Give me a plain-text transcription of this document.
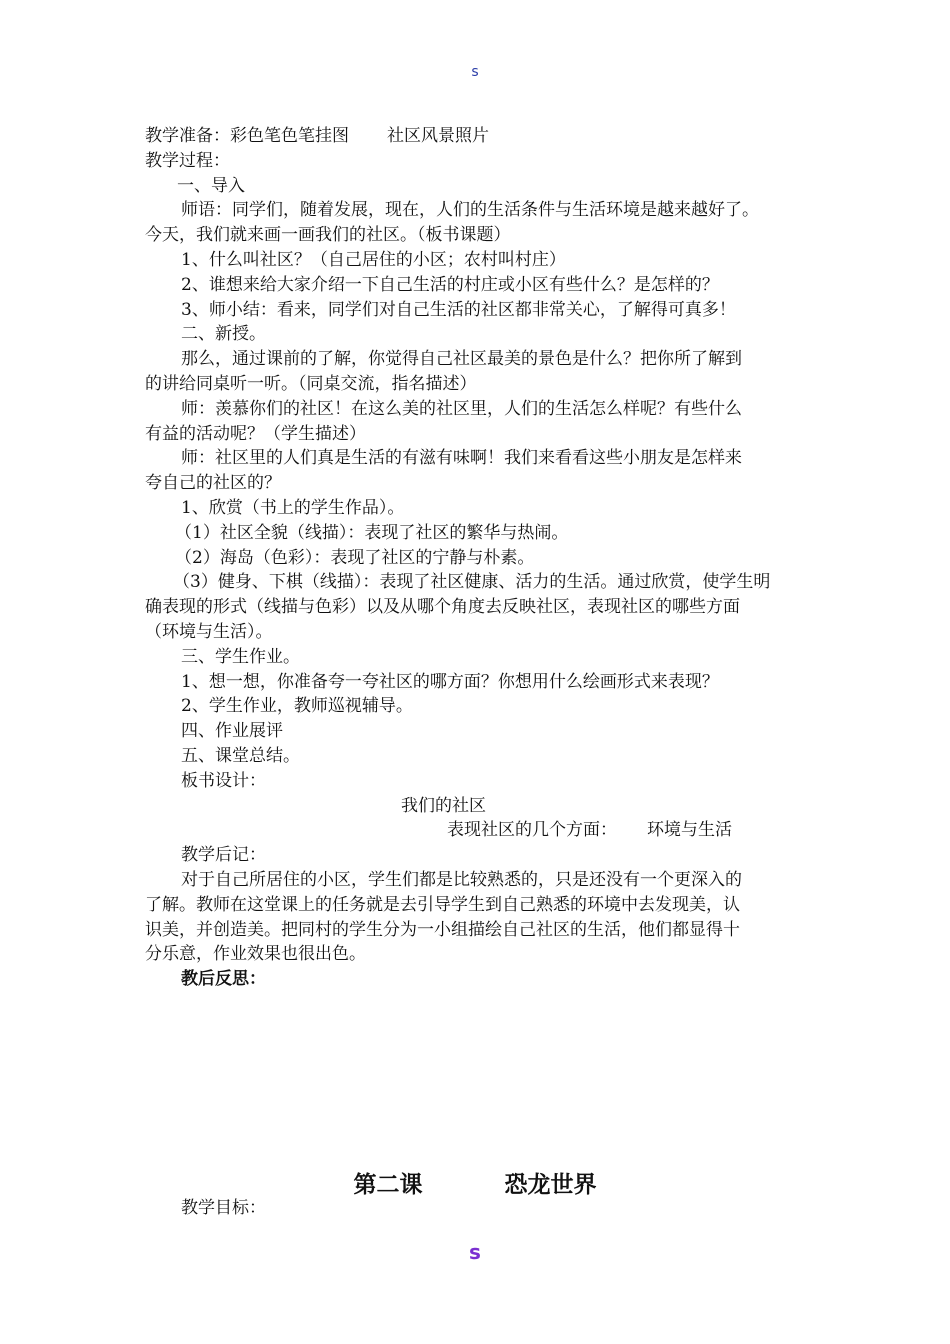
s

教学准备：彩色笔色笔挂图 社区风景照片

教学过程：

一、导入

师语：同学们，随着发展，现在，人们的生活条件与生活环境是越来越好了。

今天，我们就来画一画我们的社区。（板书课题）

1、什么叫社区？（自己居住的小区；农村叫村庄）

2、谁想来给大家介绍一下自己生活的村庄或小区有些什么？是怎样的？

3、师小结：看来，同学们对自己生活的社区都非常关心，了解得可真多！

二、新授。

那么，通过课前的了解，你觉得自己社区最美的景色是什么？把你所了解到

的讲给同桌听一听。（同桌交流，指名描述）

师：羡慕你们的社区！在这么美的社区里，人们的生活怎么样呢？有些什么

有益的活动呢？（学生描述）

师：社区里的人们真是生活的有滋有味啊！我们来看看这些小朋友是怎样来

夸自己的社区的？

1、欣赏（书上的学生作品）。

（1）社区全貌（线描）：表现了社区的繁华与热闹。

（2）海岛（色彩）：表现了社区的宁静与朴素。

（3）健身、下棋（线描）：表现了社区健康、活力的生活。通过欣赏，使学生明

确表现的形式（线描与色彩）以及从哪个角度去反映社区，表现社区的哪些方面

（环境与生活）。

三、学生作业。

1、想一想，你准备夸一夸社区的哪方面？你想用什么绘画形式来表现？

2、学生作业，教师巡视辅导。

四、作业展评

五、课堂总结。

板书设计：

我们的社区

表现社区的几个方面： 环境与生活

教学后记：

对于自己所居住的小区，学生们都是比较熟悉的，只是还没有一个更深入的

了解。教师在这堂课上的任务就是去引导学生到自己熟悉的环境中去发现美，认

识美，并创造美。把同村的学生分为一小组描绘自己社区的生活，他们都显得十

分乐意，作业效果也很出色。

教后反思：

第二课	恐龙世界
教学目标：
s
